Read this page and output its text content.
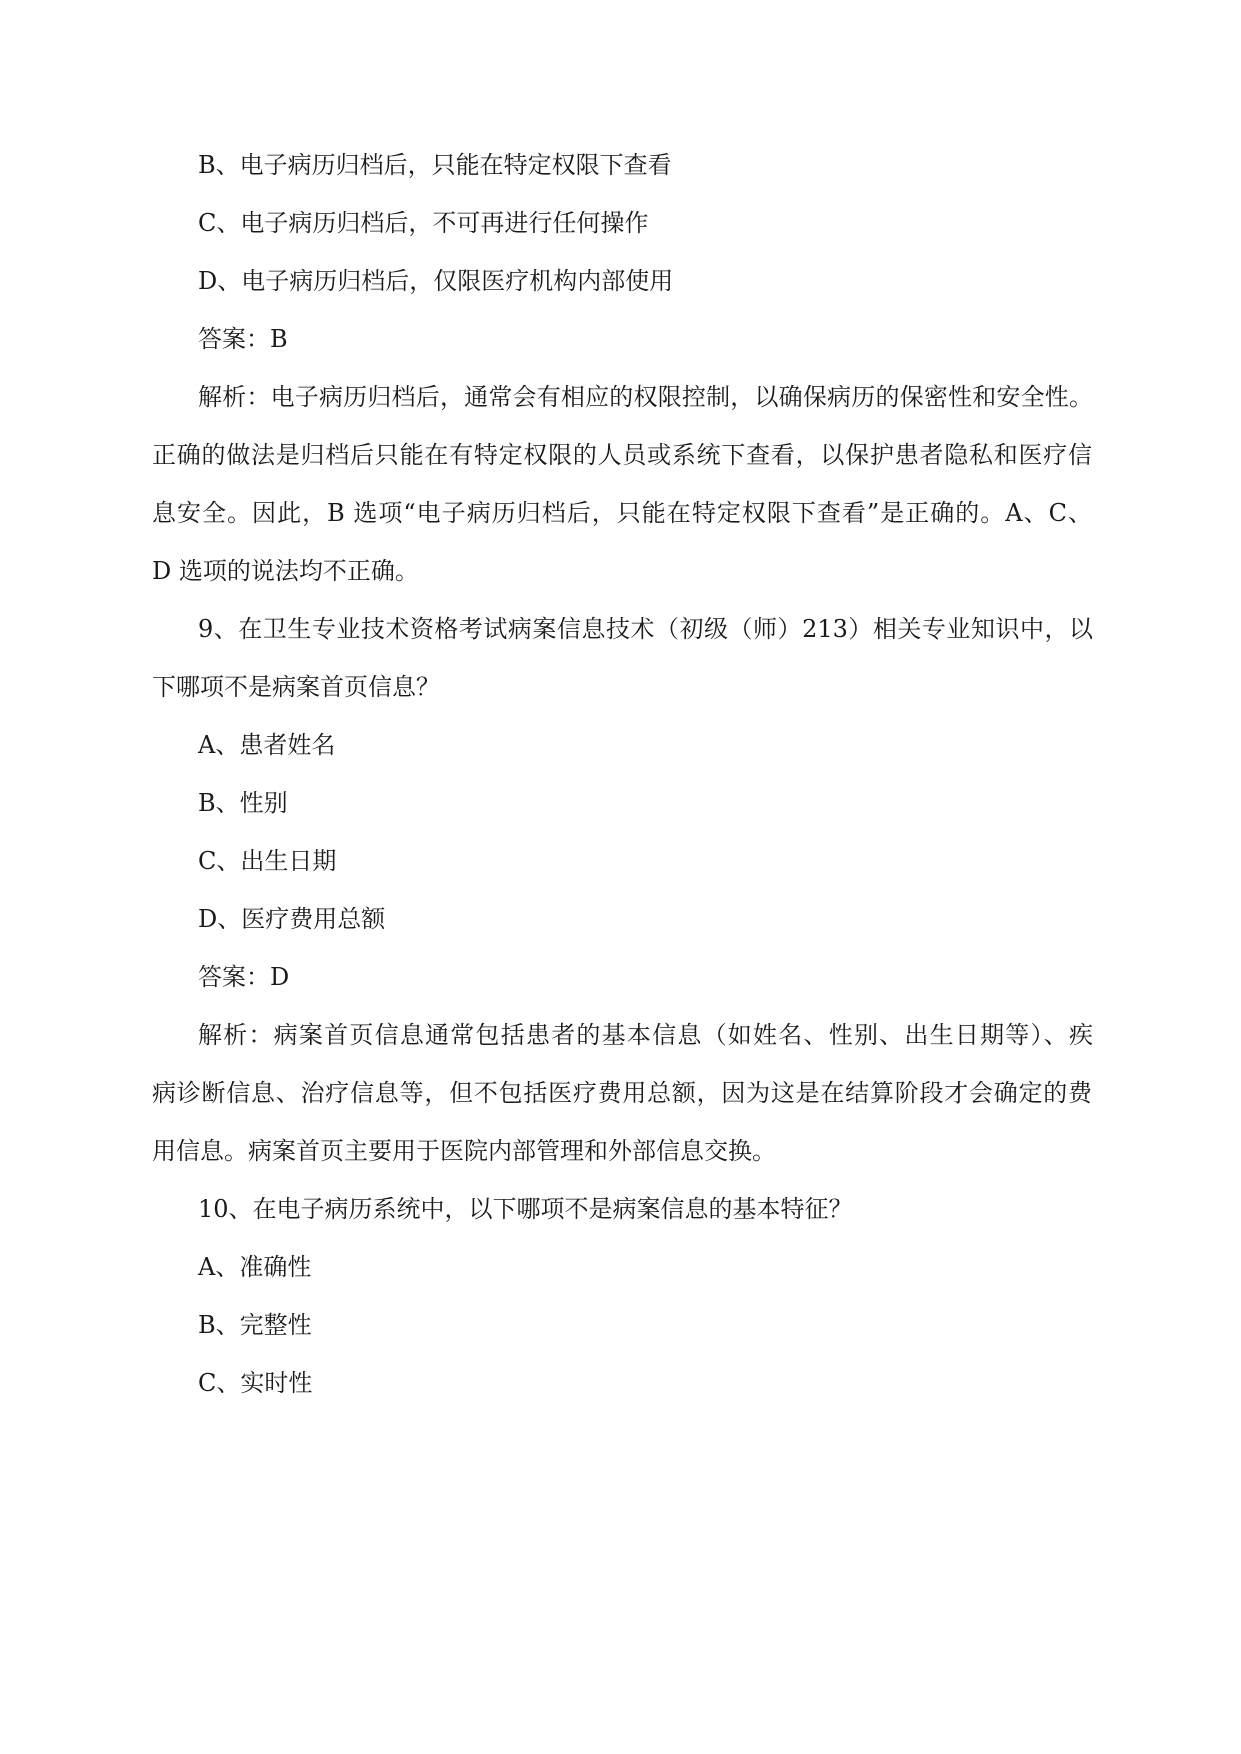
B、电子病历归档后，只能在特定权限下查看
C、电子病历归档后，不可再进行任何操作
D、电子病历归档后，仅限医疗机构内部使用
答案：B
解析：电子病历归档后，通常会有相应的权限控制，以确保病历的保密性和安全性。
正确的做法是归档后只能在有特定权限的人员或系统下查看，以保护患者隐私和医疗信
息安全。因此，B 选项“电子病历归档后，只能在特定权限下查看”是正确的。A、C、
D 选项的说法均不正确。
9、在卫生专业技术资格考试病案信息技术（初级（师）213）相关专业知识中，以
下哪项不是病案首页信息？
A、患者姓名
B、性别
C、出生日期
D、医疗费用总额
答案：D
解析：病案首页信息通常包括患者的基本信息（如姓名、性别、出生日期等）、疾
病诊断信息、治疗信息等，但不包括医疗费用总额，因为这是在结算阶段才会确定的费
用信息。病案首页主要用于医院内部管理和外部信息交换。
10、在电子病历系统中，以下哪项不是病案信息的基本特征？
A、准确性
B、完整性
C、实时性
